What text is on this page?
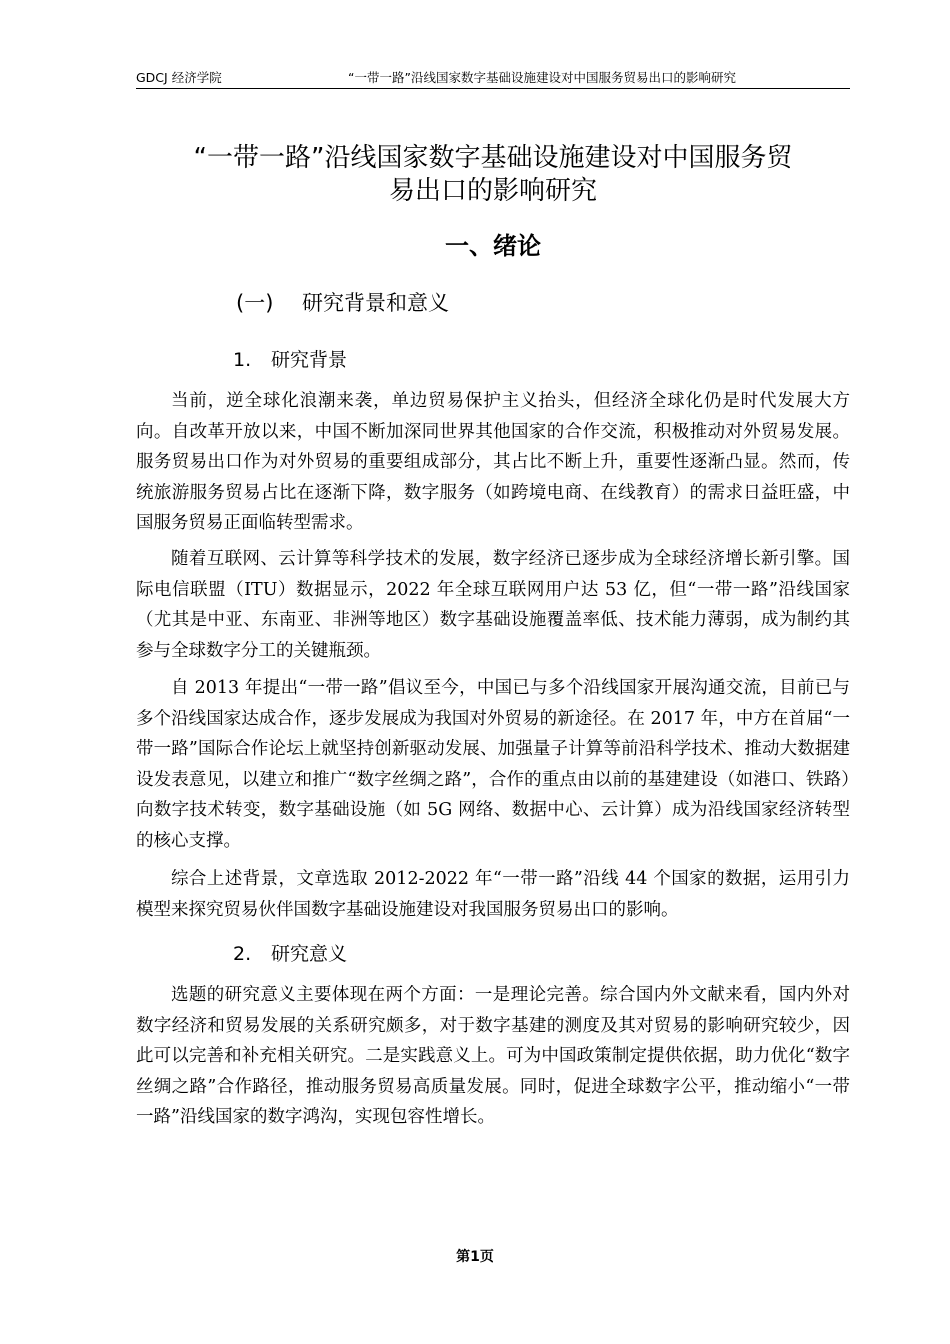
GDCJ 经济学院	“一带一路”沿线国家数字基础设施建设对中国服务贸易出口的影响研究
“一带一路”沿线国家数字基础设施建设对中国服务贸
易出口的影响研究
一、绪论
(一) 研究背景和意义
1. 研究背景

当前，逆全球化浪潮来袭，单边贸易保护主义抬头，但经济全球化仍是时代发展大方向。自改革开放以来，中国不断加深同世界其他国家的合作交流，积极推动对外贸易发展。服务贸易出口作为对外贸易的重要组成部分，其占比不断上升，重要性逐渐凸显。然而，传统旅游服务贸易占比在逐渐下降，数字服务（如跨境电商、在线教育）的需求日益旺盛，中国服务贸易正面临转型需求。

随着互联网、云计算等科学技术的发展，数字经济已逐步成为全球经济增长新引擎。国际电信联盟（ITU）数据显示，2022 年全球互联网用户达 53 亿，但“一带一路”沿线国家（尤其是中亚、东南亚、非洲等地区）数字基础设施覆盖率低、技术能力薄弱，成为制约其参与全球数字分工的关键瓶颈。

自 2013 年提出“一带一路”倡议至今，中国已与多个沿线国家开展沟通交流，目前已与多个沿线国家达成合作，逐步发展成为我国对外贸易的新途径。在 2017 年，中方在首届“一带一路”国际合作论坛上就坚持创新驱动发展、加强量子计算等前沿科学技术、推动大数据建设发表意见，以建立和推广“数字丝绸之路”，合作的重点由以前的基建建设（如港口、铁路）向数字技术转变，数字基础设施（如 5G 网络、数据中心、云计算）成为沿线国家经济转型的核心支撑。

综合上述背景，文章选取 2012-2022 年“一带一路”沿线 44 个国家的数据，运用引力模型来探究贸易伙伴国数字基础设施建设对我国服务贸易出口的影响。

2. 研究意义

选题的研究意义主要体现在两个方面：一是理论完善。综合国内外文献来看，国内外对数字经济和贸易发展的关系研究颇多，对于数字基建的测度及其对贸易的影响研究较少，因此可以完善和补充相关研究。二是实践意义上。可为中国政策制定提供依据，助力优化“数字丝绸之路”合作路径，推动服务贸易高质量发展。同时，促进全球数字公平，推动缩小“一带一路”沿线国家的数字鸿沟，实现包容性增长。

第1页
